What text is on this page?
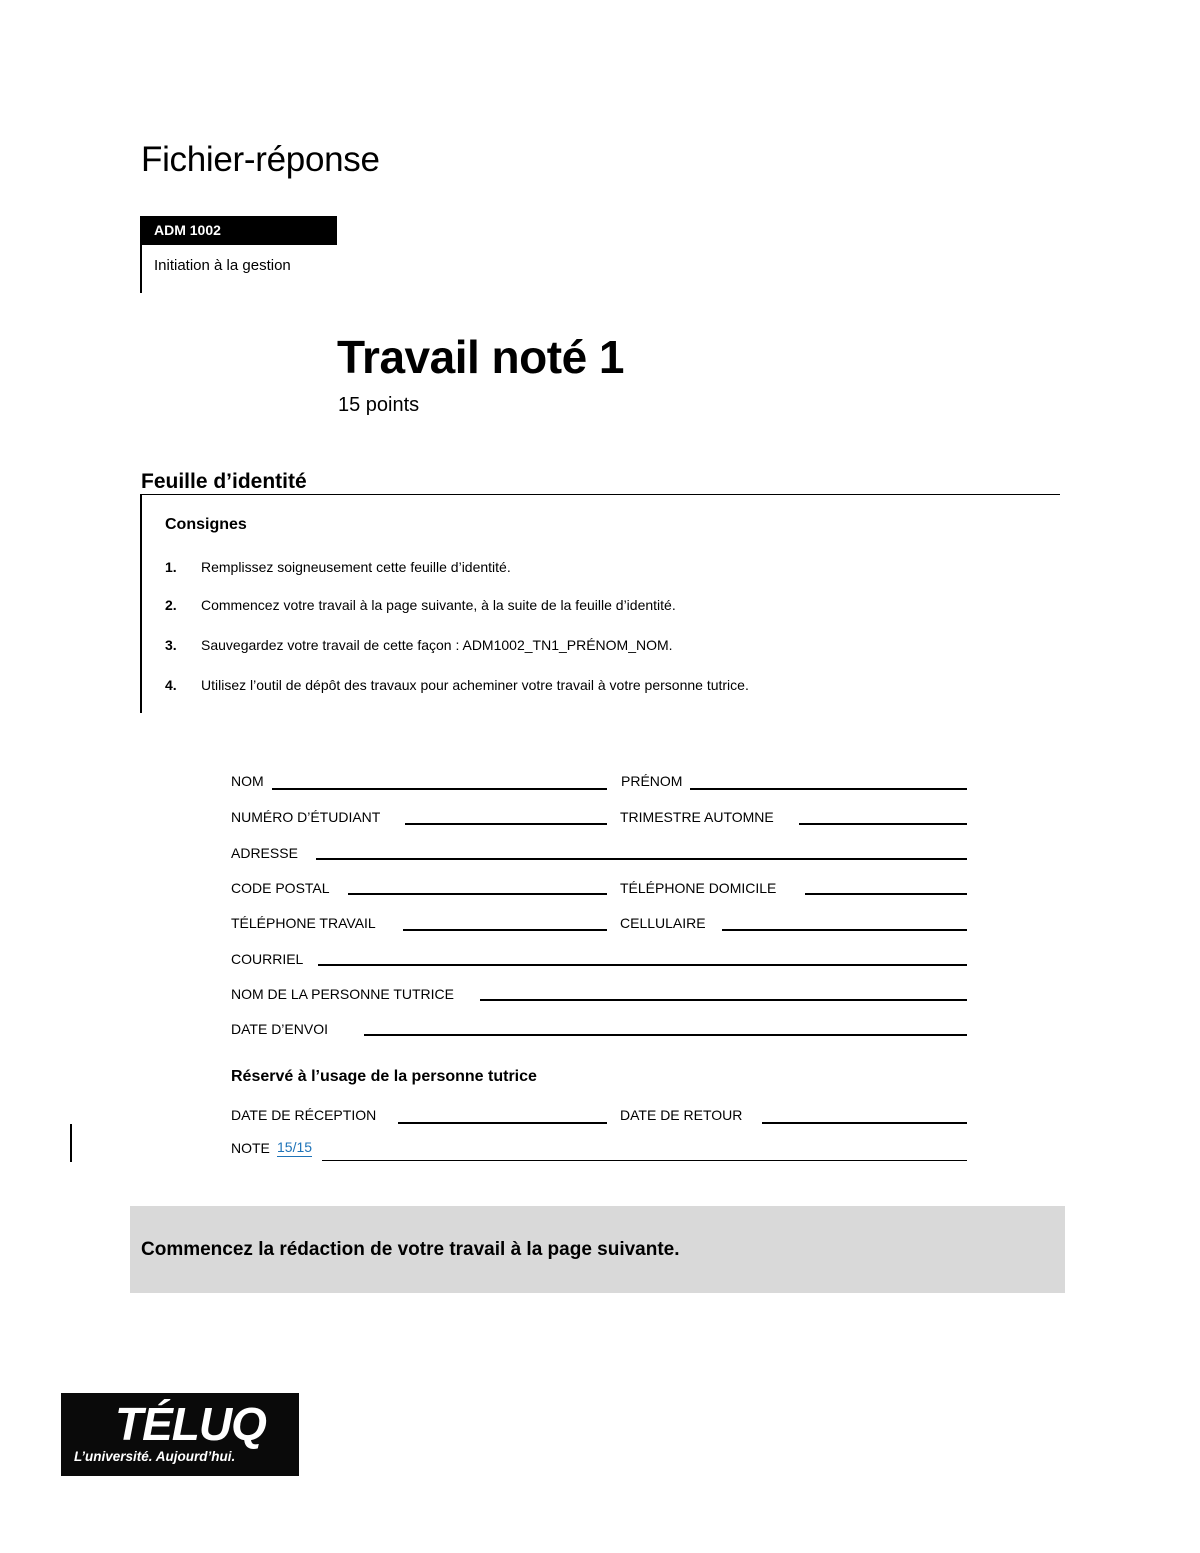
Fichier-réponse
ADM 1002
Initiation à la gestion
Travail noté 1
15 points
Feuille d’identité
Consignes
1. Remplissez soigneusement cette feuille d’identité.
2. Commencez votre travail à la page suivante, à la suite de la feuille d’identité.
3. Sauvegardez votre travail de cette façon : ADM1002_TN1_PRÉNOM_NOM.
4. Utilisez l’outil de dépôt des travaux pour acheminer votre travail à votre personne tutrice.
NOM	PRÉNOM
NUMÉRO D’ÉTUDIANT	TRIMESTRE AUTOMNE
ADRESSE
CODE POSTAL	TÉLÉPHONE DOMICILE
TÉLÉPHONE TRAVAIL	CELLULAIRE
COURRIEL
NOM DE LA PERSONNE TUTRICE
DATE D’ENVOI
Réservé à l’usage de la personne tutrice
DATE DE RÉCEPTION	DATE DE RETOUR
NOTE 15/15
Commencez la rédaction de votre travail à la page suivante.
TÉLUQ
L’université. Aujourd’hui.
